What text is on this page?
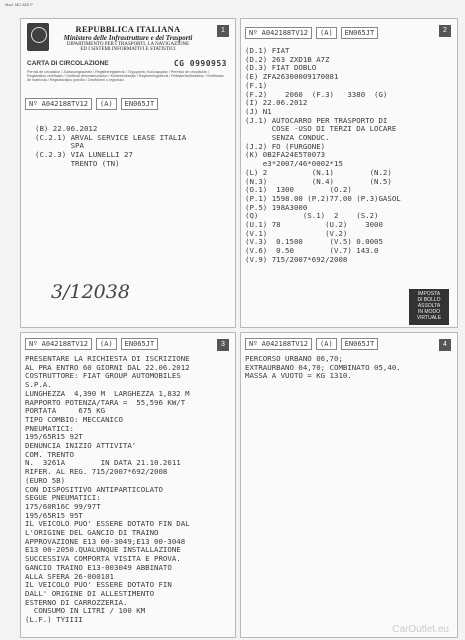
Mod. MC 820 P
REPUBBLICA ITALIANA
Ministero delle Infrastrutture e dei Trasporti
DIPARTIMENTO PER I TRASPORTI, LA NAVIGAZIONE
ED I SISTEMI INFORMATIVI E STATISTICI
1
CARTA DI CIRCOLAZIONE	CG 0990953
Permis de circulation / Zulassungsschein / Registreringsbevis / Ξεχωριστές Κυκλοφορίας / Permiso de circulación / Registration certificate / Certificat d'immatriculation / Kentekenbewijs / Registreringsbevis / Rekisteröintitodistus / Certificado de matrícula / Registracijsko potrdilo / Osvědčení o registraci
Nº A042188TV12	(A)	EN065JT
(B) 22.06.2012
(C.2.1) ARVAL SERVICE LEASE ITALIA
SPA
(C.2.3) VIA LUNELLI 27
TRENTO (TN)
3/12038
Nº A042188TV12	(A)	EN065JT	2
(D.1) FIAT
(D.2) 263 ZXD1B A7Z
(D.3) FIAT DOBLO
(E) ZFA26300009170081
(F.1)
(F.2)    2060  (F.3)   3380  (G)
(I) 22.06.2012
(J) N1
(J.1) AUTOCARRO PER TRASPORTO DI
COSE -USO DI TERZI DA LOCARE
SENZA CONDUC.
(J.2) FO (FURGONE)
(K) 0B2FA24E5T0073
e3*2007/46*0002*15
(L) 2          (N.1)        (N.2)
(N.3)          (N.4)        (N.5)
(O.1)  1300        (O.2)
(P.1) 1598.00 (P.2)77.00 (P.3)GASOL
(P.5) 198A3000
(Q)          (S.1)  2    (S.2)
(U.1) 78          (U.2)    3000
(V.1)             (V.2)
(V.3)  0.1500      (V.5) 0.0005
(V.6)  0.50        (V.7) 143.0
(V.9) 715/2007*692/2008
IMPOSTA
DI BOLLO
ASSOLTA
IN MODO
VIRTUALE
Nº A042188TV12	(A)	EN065JT	3
PRESENTARE LA RICHIESTA DI ISCRIZIONE
AL PRA ENTRO 60 GIORNI DAL 22.06.2012
COSTRUTTORE: FIAT GROUP AUTOMOBILES
S.P.A.
LUNGHEZZA  4,390 M  LARGHEZZA 1,832 M
RAPPORTO POTENZA/TARA =  55,596 KW/T
PORTATA     675 KG
TIPO COMBIO: MECCANICO
PNEUMATICI:
195/65R15 92T
DENUNCIA INIZIO ATTIVITA'
COM. TRENTO
N.  3261A        IN DATA 21.10.2011
RIFER. AL REG. 715/2007*692/2008
(EURO 5B)
CON DISPOSITIVO ANTIPARTICOLATO
SEGUE PNEUMATICI:
175/60R16C 99/97T
195/65R15 95T
IL VEICOLO PUO' ESSERE DOTATO FIN DAL
L'ORIGINE DEL GANCIO DI TRAINO
APPROVAZIONE E13 00-3049;E13 00-3048
E13 00-2050.QUALUNQUE INSTALLAZIONE
SUCCESSIVA COMPORTA VISITA E PROVA.
GANCIO TRAINO E13-003049 ABBINATO
ALLA SFERA 26-000101
IL VEICOLO PUO' ESSERE DOTATO FIN
DALL' ORIGINE DI ALLESTIMENTO
ESTERNO DI CARROZZERIA.
CONSUMO IN LITRI / 100 KM
(L.F.) TYIIII
Nº A042188TV12	(A)	EN065JT	4
PERCORSO URBANO 06,70;
EXTRAURBANO 04,70; COMBINATO 05,40.
MASSA A VUOTO = KG 1310.
CarOutlet.eu
